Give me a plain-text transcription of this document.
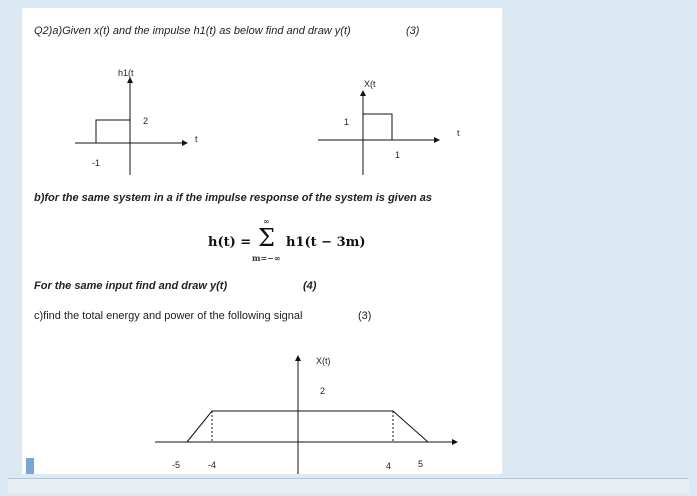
Q2)a)Given x(t) and the impulse h1(t) as below find and draw y(t)	(3)
h1(t
2
t
-1
X(t
1
t
1
b)for the same system in a if the impulse response of the system is given as
h(t) =
∞
Σ
m=−∞
h1(t − 3m)
For the same input find and draw y(t)	(4)
c)find the total energy and power of the following signal	(3)
X(t)
2
-5	-4	4	5
